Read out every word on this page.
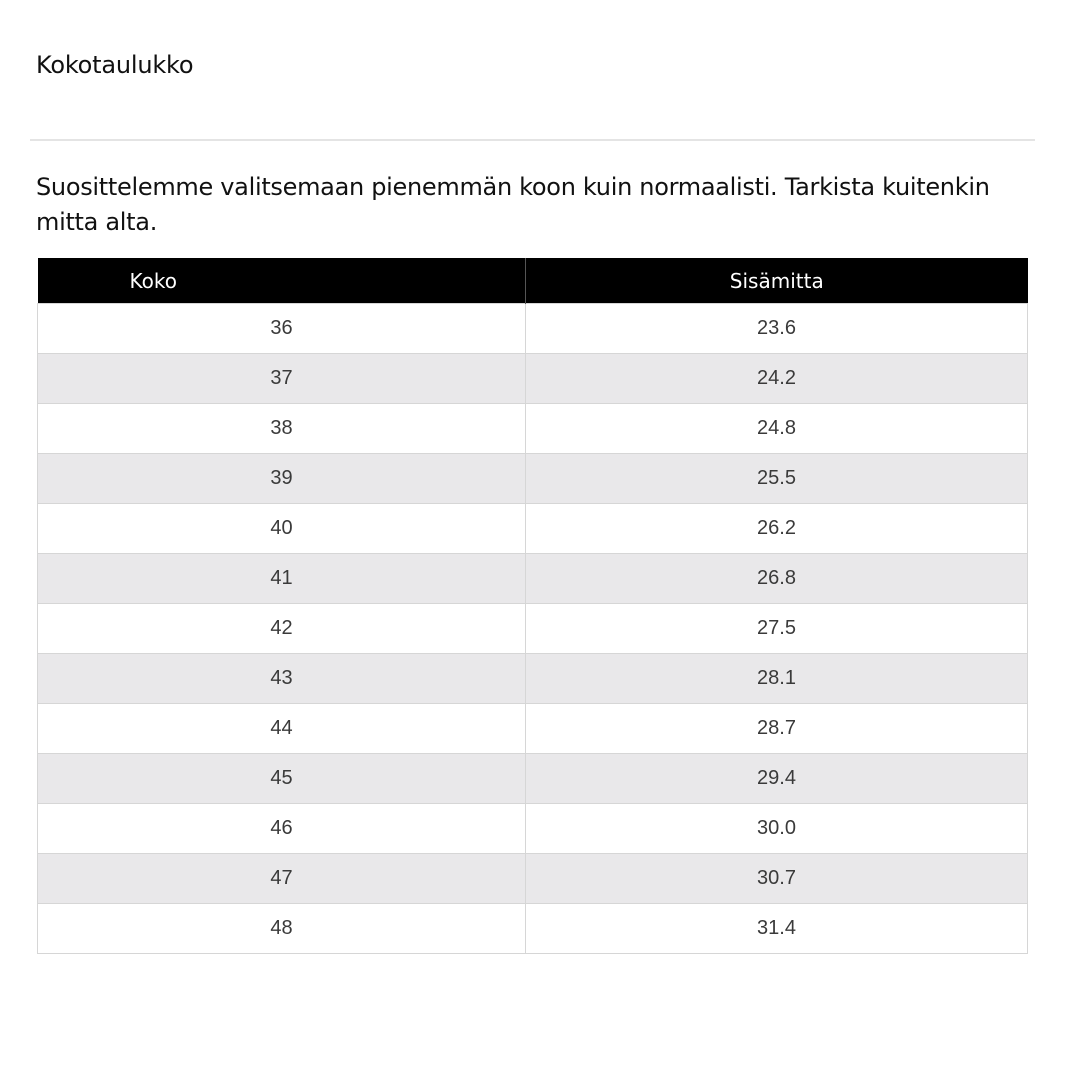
Kokotaulukko
Suosittelemme valitsemaan pienemmän koon kuin normaalisti. Tarkista kuitenkin mitta alta.
Koko	Sisämitta
36	23.6
37	24.2
38	24.8
39	25.5
40	26.2
41	26.8
42	27.5
43	28.1
44	28.7
45	29.4
46	30.0
47	30.7
48	31.4
